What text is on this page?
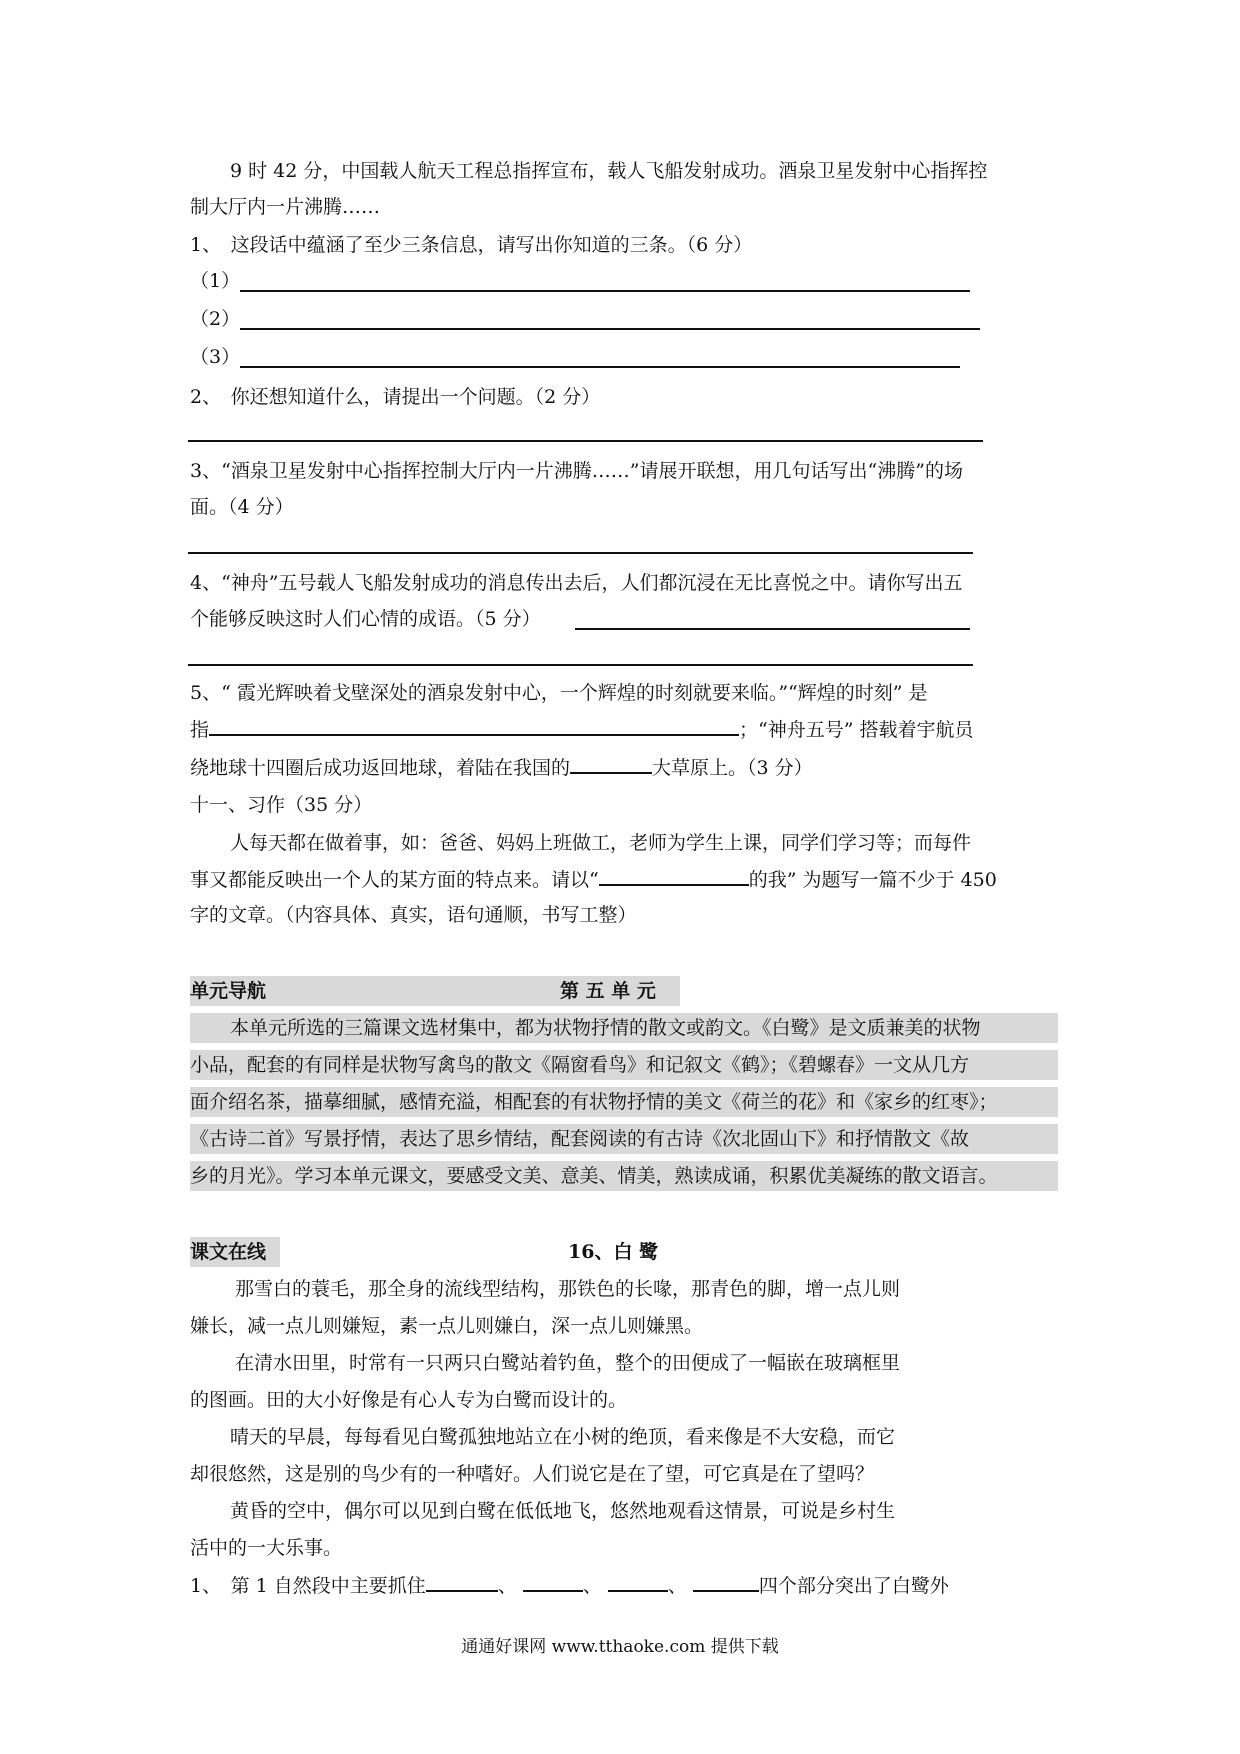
9 时 42 分，中国载人航天工程总指挥宣布，载人飞船发射成功。酒泉卫星发射中心指挥控
制大厅内一片沸腾……
1、　这段话中蕴涵了至少三条信息，请写出你知道的三条。（6 分）
（1）
（2）
（3）
2、　你还想知道什么，请提出一个问题。（2 分）
3、“酒泉卫星发射中心指挥控制大厅内一片沸腾……”请展开联想，用几句话写出“沸腾”的场
面。（4 分）
4、“神舟”五号载人飞船发射成功的消息传出去后，人们都沉浸在无比喜悦之中。请你写出五
个能够反映这时人们心情的成语。（5 分）
5、“ 霞光辉映着戈壁深处的酒泉发射中心，一个辉煌的时刻就要来临。”“辉煌的时刻” 是
指	；“神舟五号” 搭载着宇航员
绕地球十四圈后成功返回地球，着陆在我国的	大草原上。（3 分）
十一、习作（35 分）
人每天都在做着事，如：爸爸、妈妈上班做工，老师为学生上课，同学们学习等；而每件
事又都能反映出一个人的某方面的特点来。请以“	的我” 为题写一篇不少于 450
字的文章。（内容具体、真实，语句通顺，书写工整）
单元导航	第 五 单 元
本单元所选的三篇课文选材集中，都为状物抒情的散文或韵文。《白鹭》是文质兼美的状物
小品，配套的有同样是状物写禽鸟的散文《隔窗看鸟》和记叙文《鹤》；《碧螺春》一文从几方
面介绍名茶，描摹细腻，感情充溢，相配套的有状物抒情的美文《荷兰的花》和《家乡的红枣》；
《古诗二首》写景抒情，表达了思乡情结，配套阅读的有古诗《次北固山下》和抒情散文《故
乡的月光》。学习本单元课文，要感受文美、意美、情美，熟读成诵，积累优美凝练的散文语言。
课文在线	16、白 鹭
那雪白的蓑毛，那全身的流线型结构，那铁色的长喙，那青色的脚，增一点儿则
嫌长，减一点儿则嫌短，素一点儿则嫌白，深一点儿则嫌黑。
在清水田里，时常有一只两只白鹭站着钓鱼，整个的田便成了一幅嵌在玻璃框里
的图画。田的大小好像是有心人专为白鹭而设计的。
晴天的早晨，每每看见白鹭孤独地站立在小树的绝顶，看来像是不大安稳，而它
却很悠然，这是别的鸟少有的一种嗜好。人们说它是在了望，可它真是在了望吗？
黄昏的空中，偶尔可以见到白鹭在低低地飞，悠然地观看这情景，可说是乡村生
活中的一大乐事。
1、　第 1 自然段中主要抓住	、	、	、	四个部分突出了白鹭外
通通好课网 www.tthaoke.com 提供下载
